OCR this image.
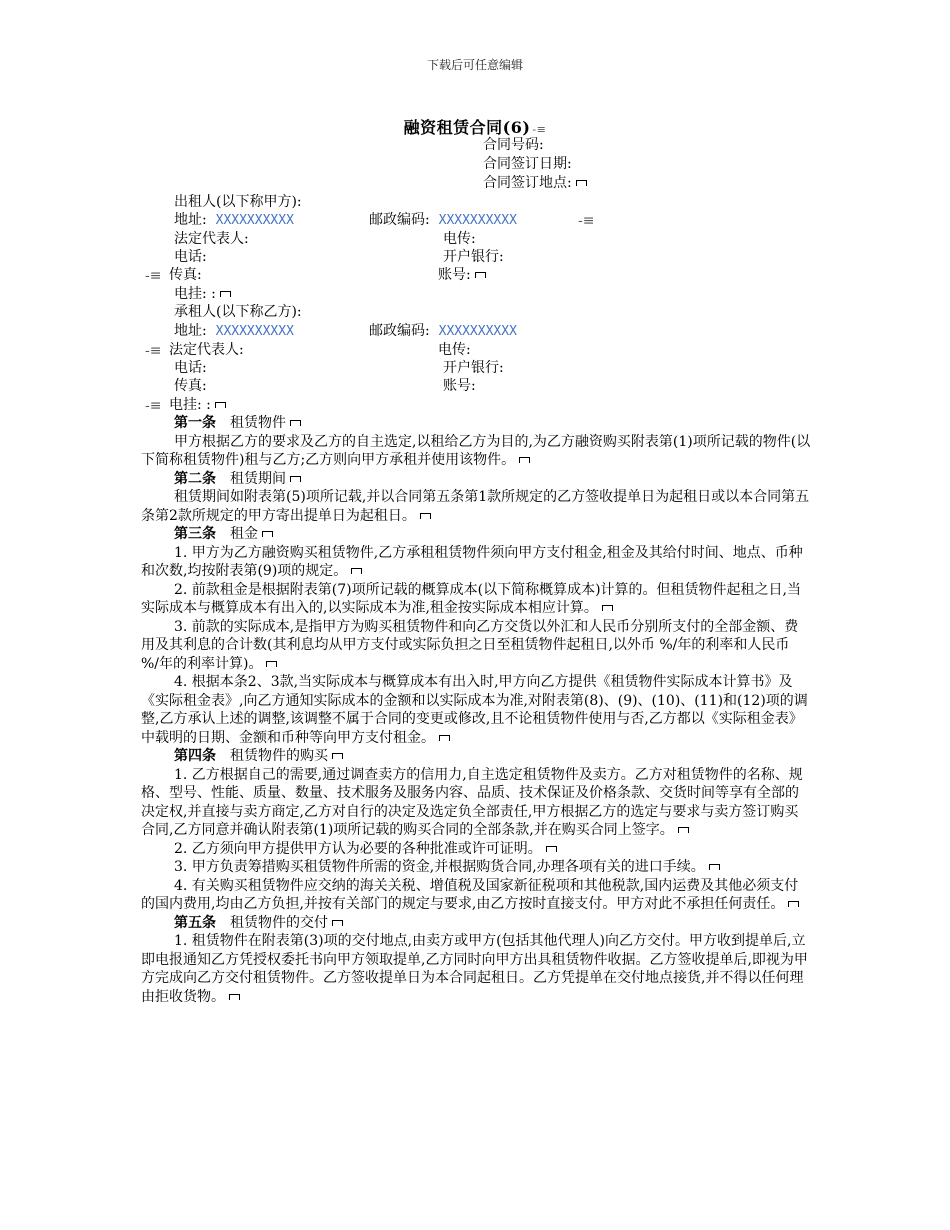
下载后可任意编辑
融资租赁合同(6) -≡
合同号码:
合同签订日期:
合同签订地点:
出租人(以下称甲方):
地址: XXXXXXXXXX	邮政编码: XXXXXXXXXX	-≡
法定代表人:	电传:
电话:	开户银行:
-≡ 传真:	账号:
电挂: :
承租人(以下称乙方):
地址: XXXXXXXXXX	邮政编码: XXXXXXXXXX
-≡ 法定代表人:	电传:
电话:	开户银行:
传真:	账号:
-≡ 电挂: :

第一条 租赁物件

甲方根据乙方的要求及乙方的自主选定,以租给乙方为目的,为乙方融资购买附表第(1)项所记载的物件(以下简称租赁物件)租与乙方;乙方则向甲方承租并使用该物件。

第二条 租赁期间

租赁期间如附表第(5)项所记载,并以合同第五条第1款所规定的乙方签收提单日为起租日或以本合同第五条第2款所规定的甲方寄出提单日为起租日。

第三条 租金

1. 甲方为乙方融资购买租赁物件,乙方承租租赁物件须向甲方支付租金,租金及其给付时间、地点、币种和次数,均按附表第(9)项的规定。

2. 前款租金是根据附表第(7)项所记载的概算成本(以下简称概算成本)计算的。但租赁物件起租之日,当实际成本与概算成本有出入的,以实际成本为准,租金按实际成本相应计算。

3. 前款的实际成本,是指甲方为购买租赁物件和向乙方交货以外汇和人民币分别所支付的全部金额、费用及其利息的合计数(其利息均从甲方支付或实际负担之日至租赁物件起租日,以外币 %/年的利率和人民币 %/年的利率计算)。

4. 根据本条2、3款,当实际成本与概算成本有出入时,甲方向乙方提供《租赁物件实际成本计算书》及《实际租金表》,向乙方通知实际成本的金额和以实际成本为准,对附表第(8)、(9)、(10)、(11)和(12)项的调整,乙方承认上述的调整,该调整不属于合同的变更或修改,且不论租赁物件使用与否,乙方都以《实际租金表》中载明的日期、金额和币种等向甲方支付租金。

第四条 租赁物件的购买

1. 乙方根据自己的需要,通过调查卖方的信用力,自主选定租赁物件及卖方。乙方对租赁物件的名称、规格、型号、性能、质量、数量、技术服务及服务内容、品质、技术保证及价格条款、交货时间等享有全部的决定权,并直接与卖方商定,乙方对自行的决定及选定负全部责任,甲方根据乙方的选定与要求与卖方签订购买合同,乙方同意并确认附表第(1)项所记载的购买合同的全部条款,并在购买合同上签字。

2. 乙方须向甲方提供甲方认为必要的各种批准或许可证明。

3. 甲方负责筹措购买租赁物件所需的资金,并根据购货合同,办理各项有关的进口手续。

4. 有关购买租赁物件应交纳的海关关税、增值税及国家新征税项和其他税款,国内运费及其他必须支付的国内费用,均由乙方负担,并按有关部门的规定与要求,由乙方按时直接支付。甲方对此不承担任何责任。

第五条 租赁物件的交付

1. 租赁物件在附表第(3)项的交付地点,由卖方或甲方(包括其他代理人)向乙方交付。甲方收到提单后,立即电报通知乙方凭授权委托书向甲方领取提单,乙方同时向甲方出具租赁物件收据。乙方签收提单后,即视为甲方完成向乙方交付租赁物件。乙方签收提单日为本合同起租日。乙方凭提单在交付地点接货,并不得以任何理由拒收货物。
